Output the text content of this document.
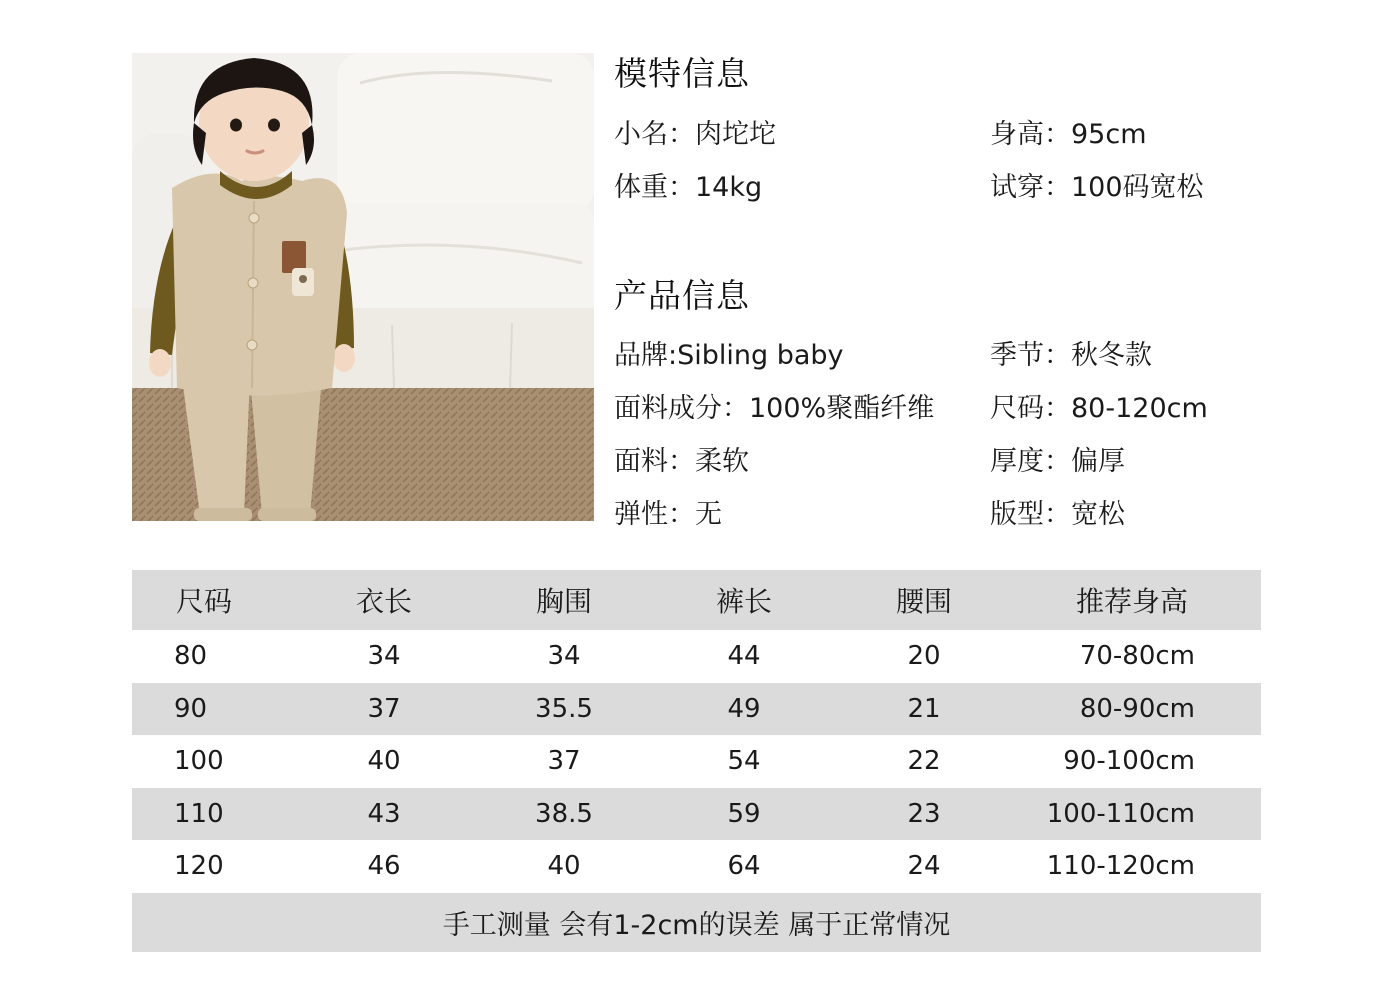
模特信息
小名：肉坨坨	身高：95cm
体重：14kg	试穿：100码宽松
产品信息
品牌:Sibling baby	季节：秋冬款
面料成分：100%聚酯纤维 尺码：80-120cm
面料：柔软	厚度：偏厚
弹性：无	版型：宽松
尺码	衣长	胸围	裤长	腰围	推荐身高
80	34	34	44	20	70-80cm
90	37	35.5	49	21	80-90cm
100	40	37	54	22	90-100cm
110	43	38.5	59	23	100-110cm
120	46	40	64	24	110-120cm
手工测量 会有1-2cm的误差 属于正常情况
